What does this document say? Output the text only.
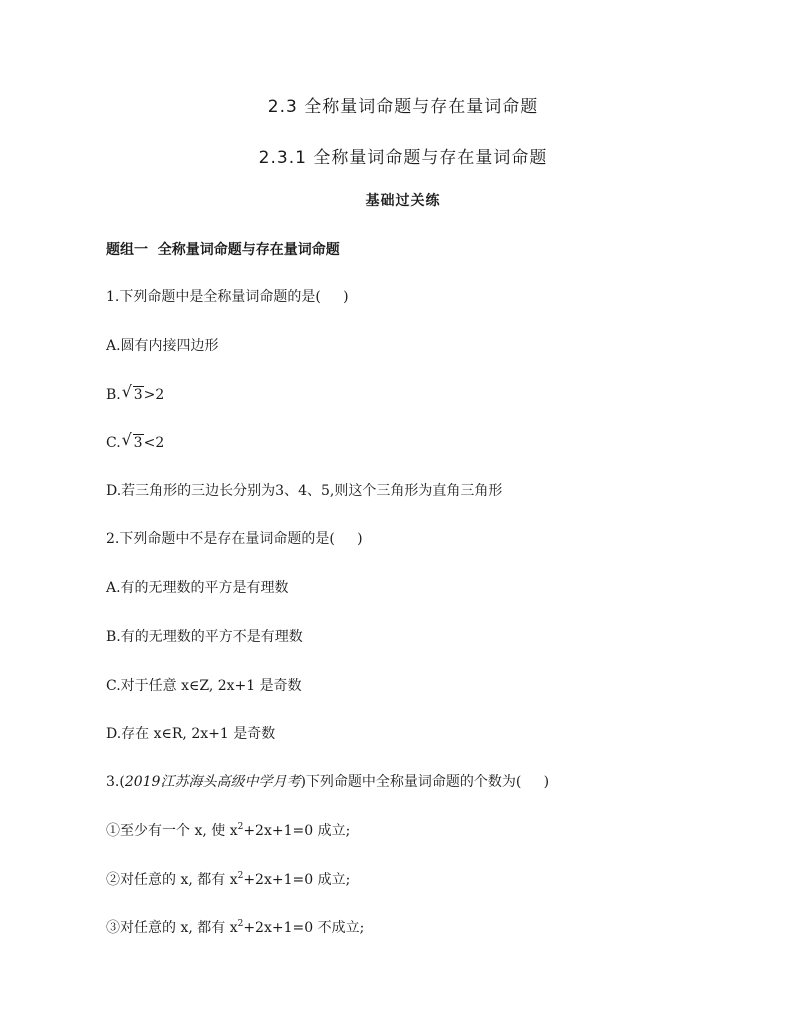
2.3 全称量词命题与存在量词命题
2.3.1 全称量词命题与存在量词命题
基础过关练
题组一  全称量词命题与存在量词命题
1.下列命题中是全称量词命题的是(     )
A.圆有内接四边形
B. √ 3>2
C. √ 3<2
D.若三角形的三边长分别为3、4、5,则这个三角形为直角三角形
2.下列命题中不是存在量词命题的是(     )
A.有的无理数的平方是有理数
B.有的无理数的平方不是有理数
C.对于任意 x∈Z, 2x+1 是奇数
D.存在 x∈R, 2x+1 是奇数
3.(2019江苏海头高级中学月考)下列命题中全称量词命题的个数为(     )
①至少有一个 x, 使 $x^2+2x+1=0$ 成立;
②对任意的 x, 都有 $x^2+2x+1=0$ 成立;
③对任意的 x, 都有 $x^2+2x+1=0$ 不成立;
